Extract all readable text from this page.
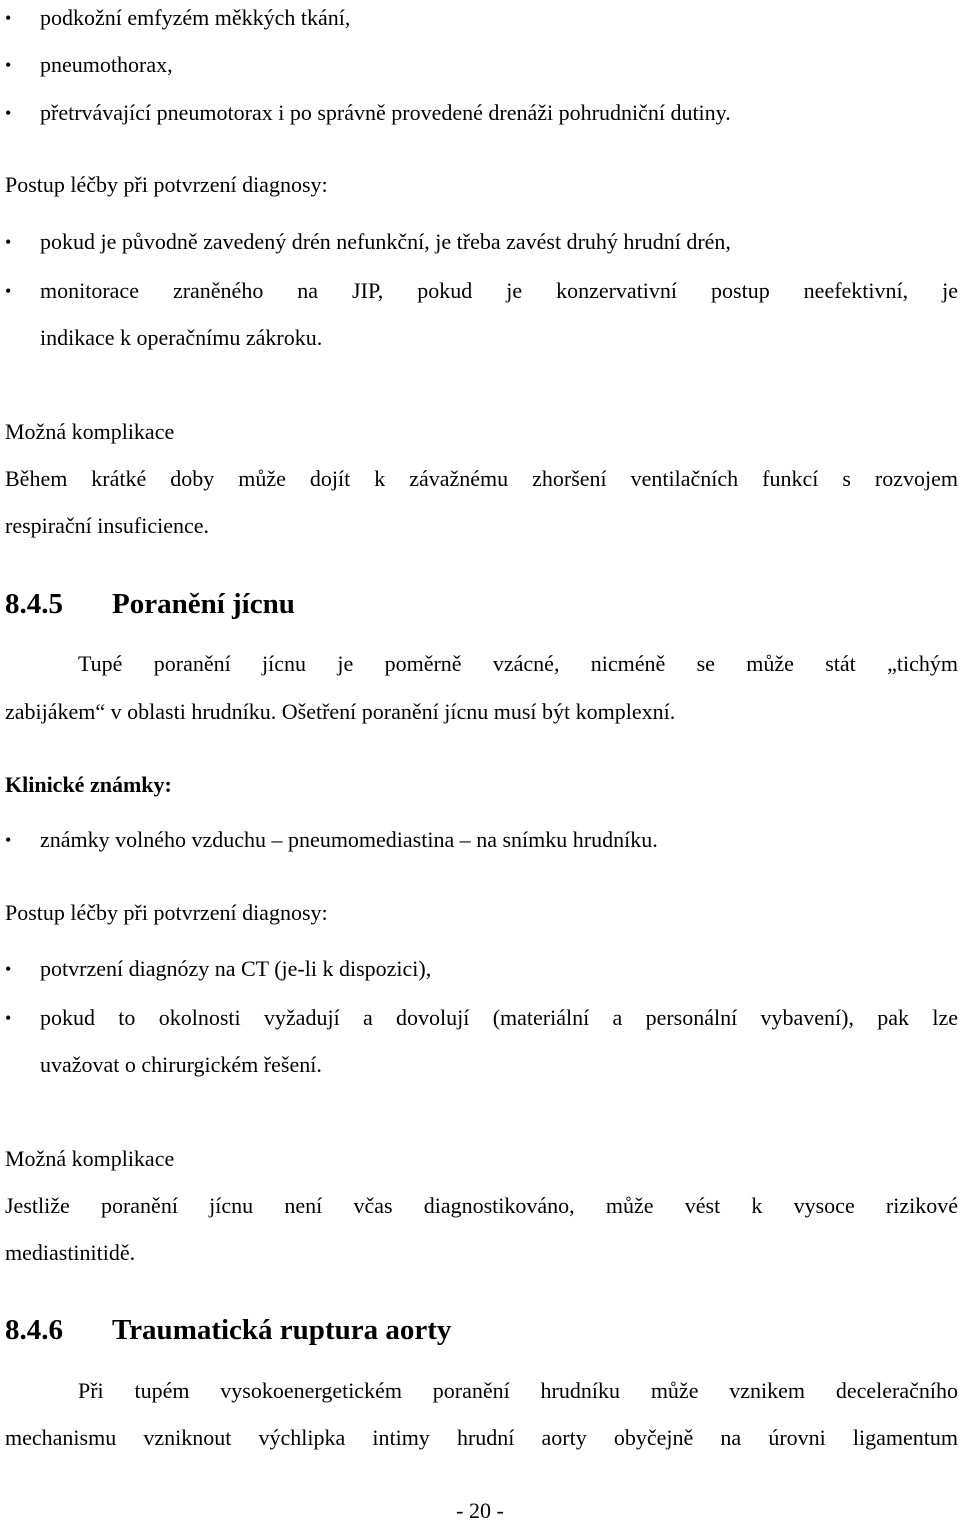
• podkožní emfyzém měkkých tkání,
• pneumothorax,
• přetrvávající pneumotorax i po správně provedené drenáži pohrudniční dutiny.
Postup léčby při potvrzení diagnosy:
• pokud je původně zavedený drén nefunkční, je třeba zavést druhý hrudní drén,
• monitorace zraněného na JIP, pokud je konzervativní postup neefektivní, je
indikace k operačnímu zákroku.
Možná komplikace
Během krátké doby může dojít k závažnému zhoršení ventilačních funkcí s rozvojem
respirační insuficience.
8.4.5 Poranění jícnu
Tupé poranění jícnu je poměrně vzácné, nicméně se může stát „tichým
zabijákem“ v oblasti hrudníku. Ošetření poranění jícnu musí být komplexní.
Klinické známky:
• známky volného vzduchu – pneumomediastina – na snímku hrudníku.
Postup léčby při potvrzení diagnosy:
• potvrzení diagnózy na CT (je-li k dispozici),
• pokud to okolnosti vyžadují a dovolují (materiální a personální vybavení), pak lze
uvažovat o chirurgickém řešení.
Možná komplikace
Jestliže poranění jícnu není včas diagnostikováno, může vést k vysoce rizikové
mediastinitidě.
8.4.6 Traumatická ruptura aorty
Při tupém vysokoenergetickém poranění hrudníku může vznikem deceleračního
mechanismu vzniknout výchlipka intimy hrudní aorty obyčejně na úrovni ligamentum
- 20 -
